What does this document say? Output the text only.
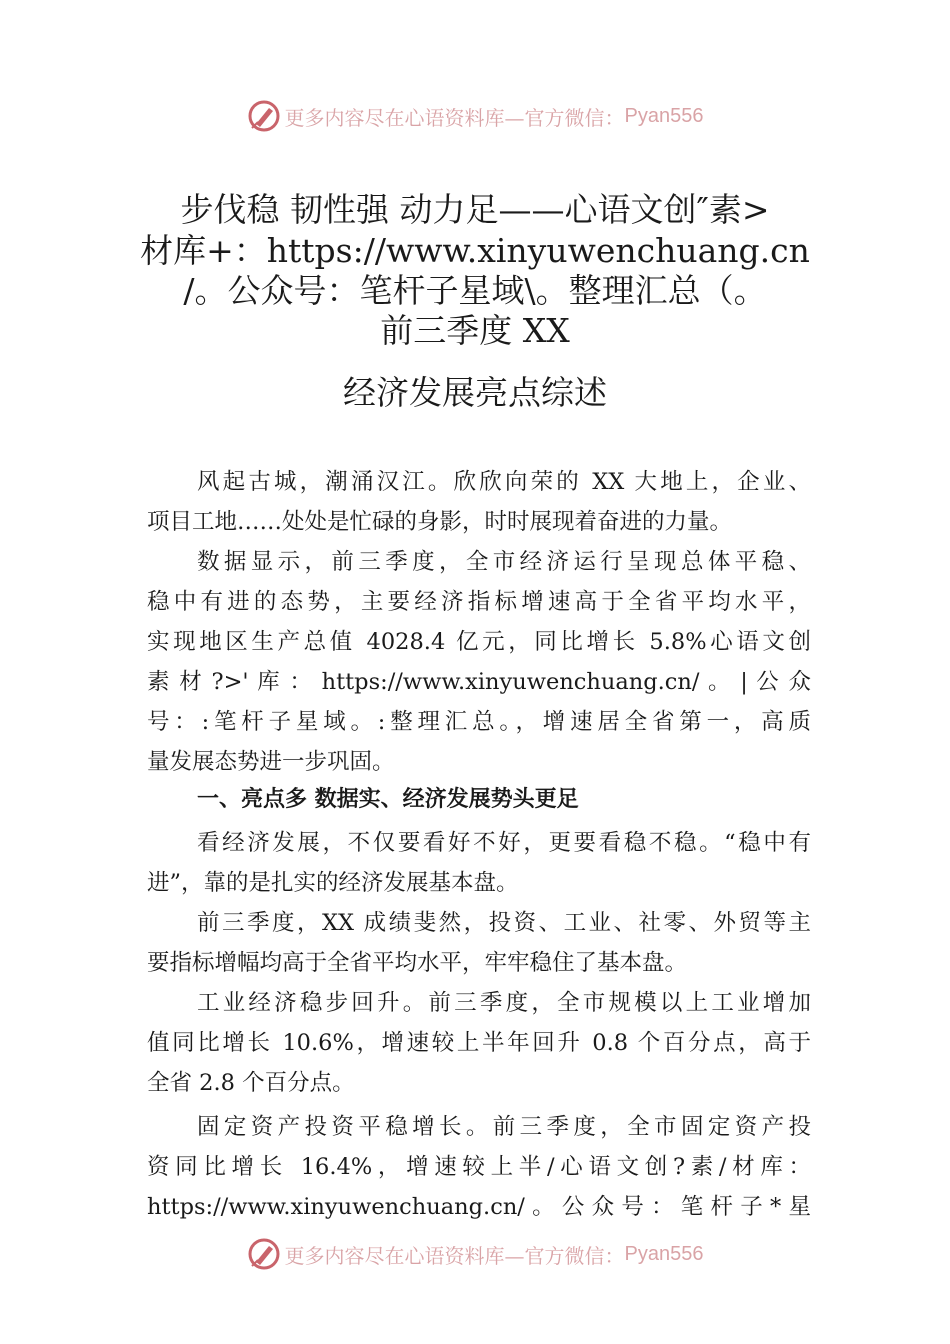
更多内容尽在心语资料库—官方微信： Pyan556
步伐稳 韧性强 动力足——心语文创″素>
材库+：https://www.xinyuwenchuang.cn
/。公众号：笔杆子星域\。整理汇总（。
前三季度 XX
经济发展亮点综述
风起古城，潮涌汉江。欣欣向荣的 XX 大地上，企业、
项目工地……处处是忙碌的身影，时时展现着奋进的力量。
数据显示，前三季度，全市经济运行呈现总体平稳、
稳中有进的态势，主要经济指标增速高于全省平均水平，
实现地区生产总值 4028.4 亿元，同比增长 5.8%心语文创
素 材 ?>' 库 ： https://www.xinyuwenchuang.cn/ 。 | 公 众
号：:笔杆子星域。:整理汇总。，增速居全省第一，高质
量发展态势进一步巩固。
一、亮点多 数据实、经济发展势头更足
看经济发展，不仅要看好不好，更要看稳不稳。“稳中有
进”，靠的是扎实的经济发展基本盘。
前三季度，XX 成绩斐然，投资、工业、社零、外贸等主
要指标增幅均高于全省平均水平，牢牢稳住了基本盘。
工业经济稳步回升。前三季度，全市规模以上工业增加
值同比增长 10.6%，增速较上半年回升 0.8 个百分点，高于
全省 2.8 个百分点。
固定资产投资平稳增长。前三季度，全市固定资产投
资同比增长 16.4%，增速较上半/心语文创?素/材库：
https://www.xinyuwenchuang.cn/。公众号：笔杆子*星
更多内容尽在心语资料库—官方微信： Pyan556
